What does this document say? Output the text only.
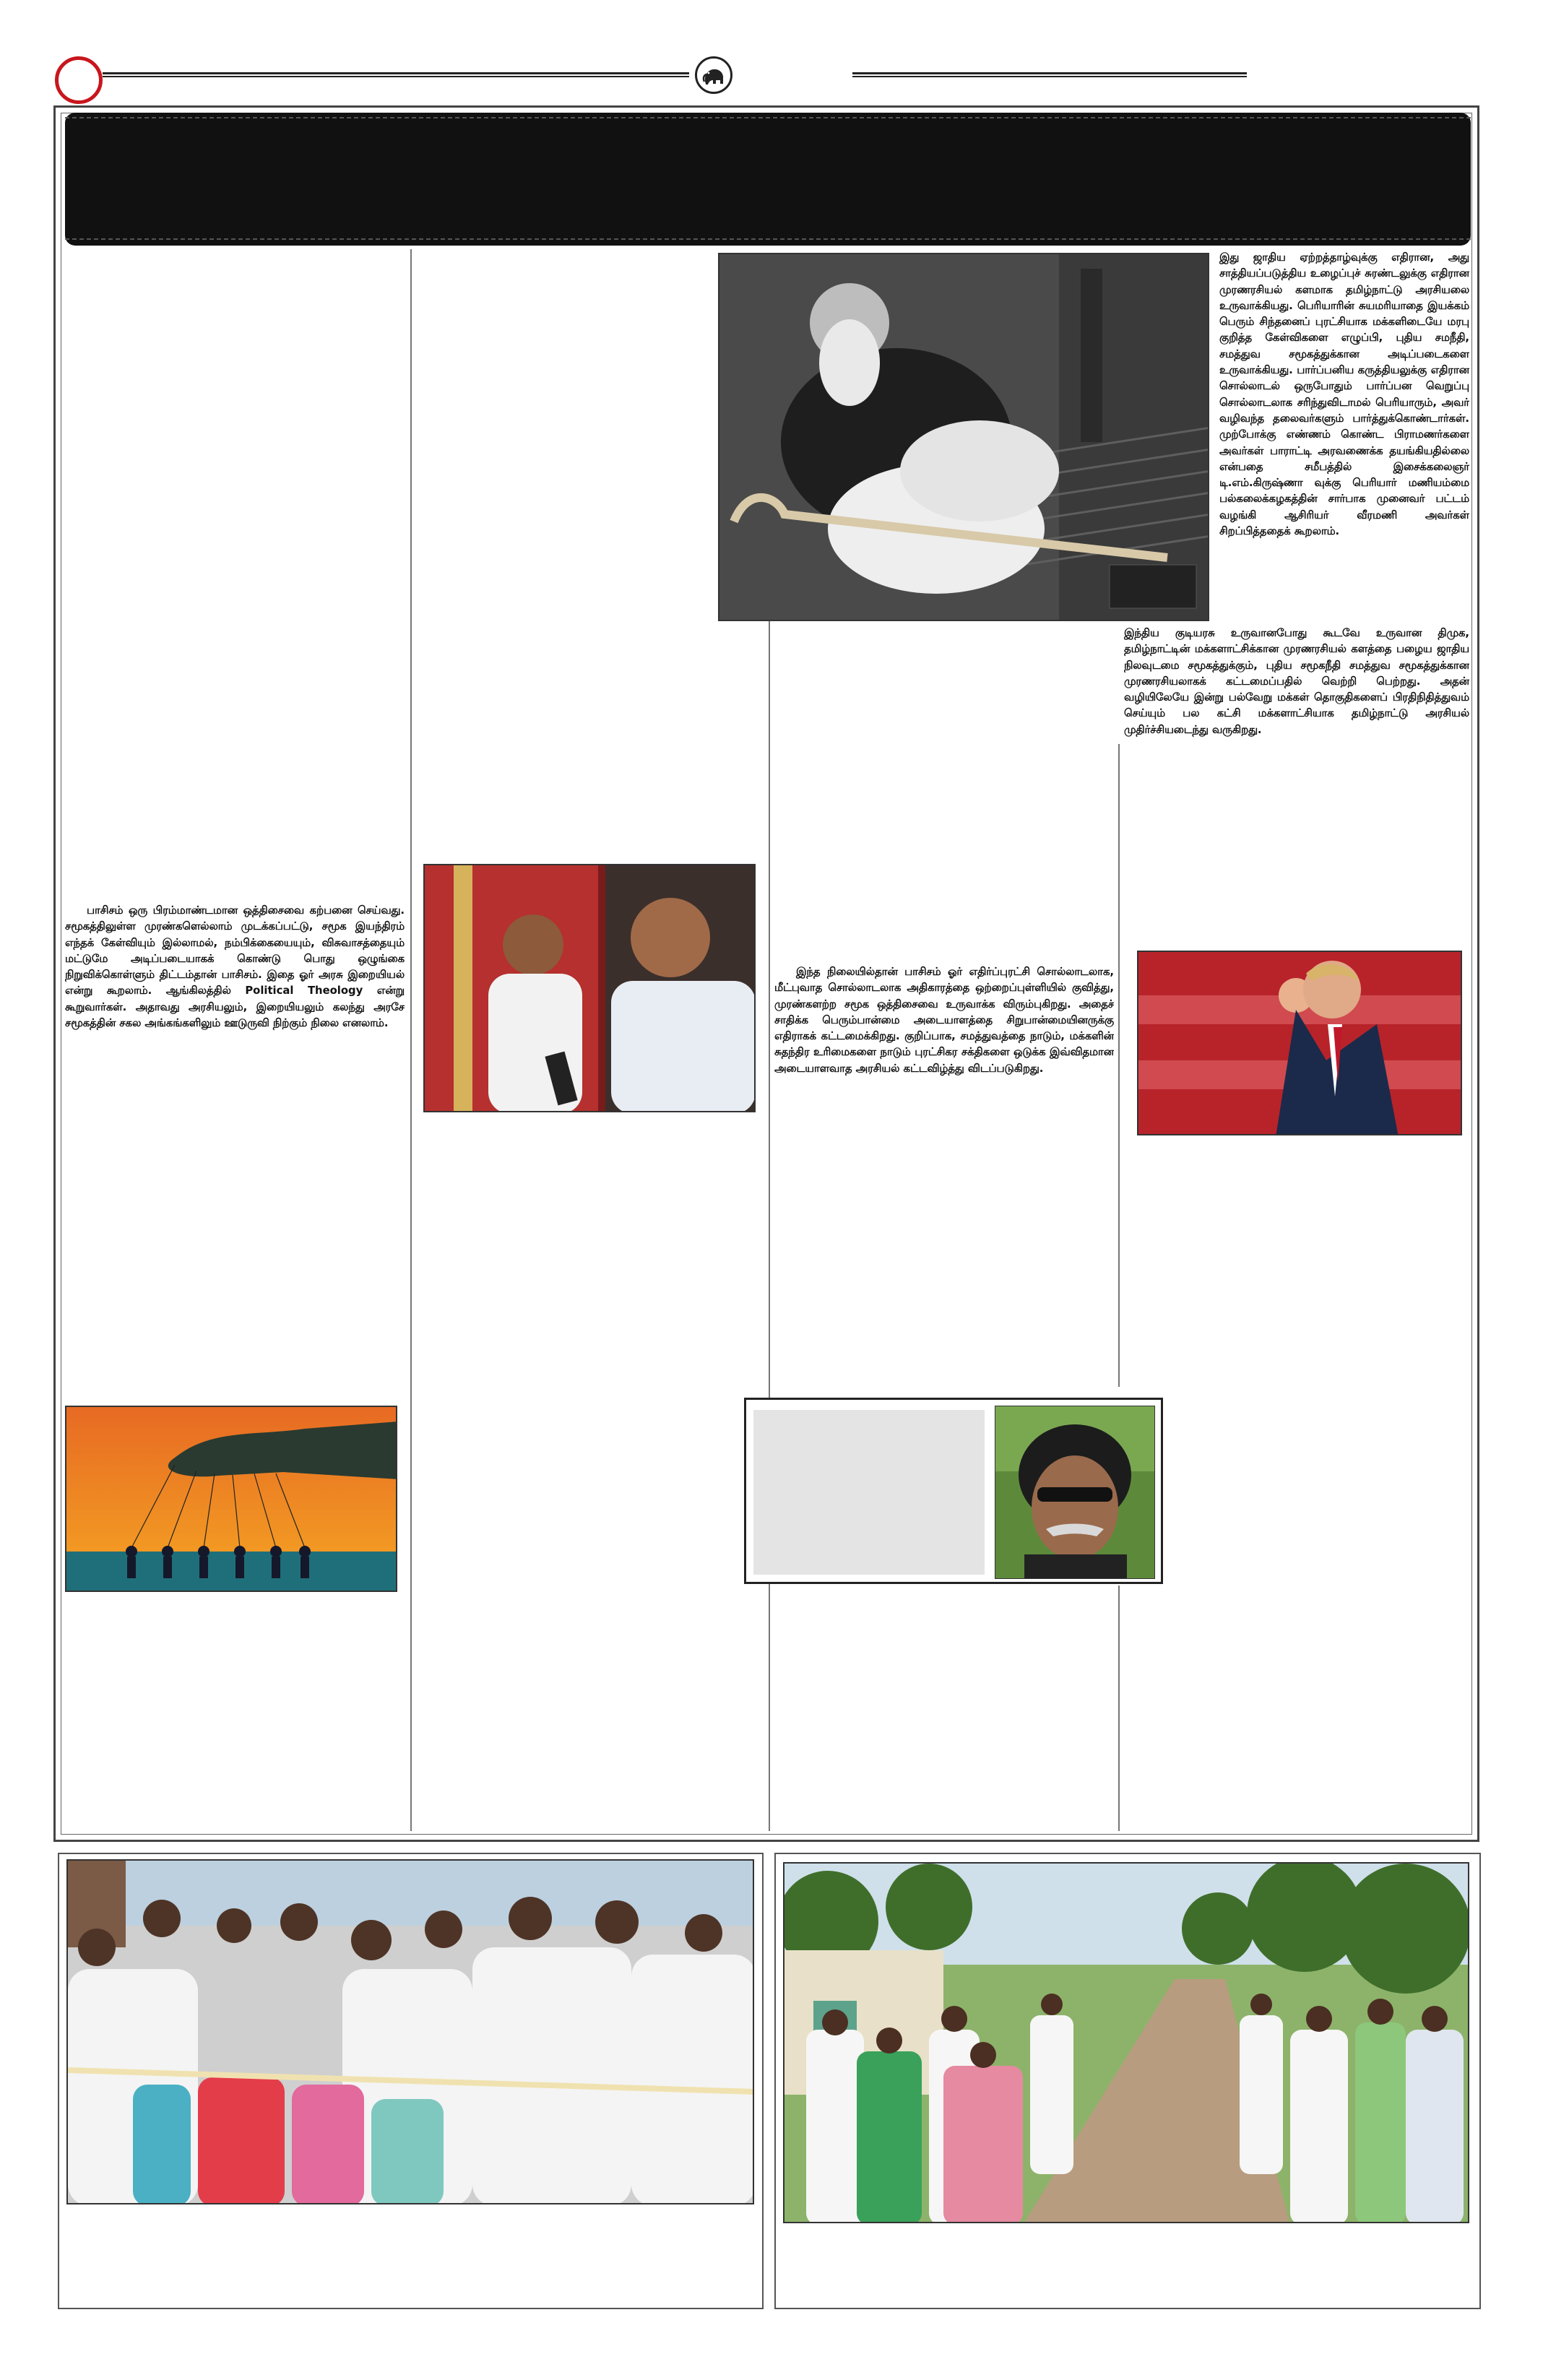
இது ஜாதிய ஏற்றத்தாழ்வுக்கு எதிரான, அது சாத்தியப்படுத்திய உழைப்புச் சுரண்டலுக்கு எதிரான முரணரசியல் களமாக தமிழ்நாட்டு அரசியலை உருவாக்கியது. பெரியாரின் சுயமரியாதை இயக்கம் பெரும் சிந்தனைப் புரட்சியாக மக்களிடையே மரபு குறித்த கேள்விகளை எழுப்பி, புதிய சமநீதி, சமத்துவ சமூகத்துக்கான அடிப்படைகளை உருவாக்கியது. பார்ப்பனிய கருத்தியலுக்கு எதிரான சொல்லாடல் ஒருபோதும் பார்ப்பன வெறுப்பு சொல்லாடலாக சரிந்துவிடாமல் பெரியாரும், அவர் வழிவந்த தலைவர்களும் பார்த்துக்கொண்டார்கள். முற்போக்கு எண்ணம் கொண்ட பிராமணர்களை அவர்கள் பாராட்டி அரவணைக்க தயங்கியதில்லை என்பதை சமீபத்தில் இசைக்கலைஞர் டி.எம்.கிருஷ்ணா வுக்கு பெரியார் மணியம்மை பல்கலைக்கழகத்தின் சார்பாக முனைவர் பட்டம் வழங்கி ஆசிரியர் வீரமணி அவர்கள் சிறப்பித்ததைக் கூறலாம்.
இந்திய குடியரசு உருவானபோது கூடவே உருவான திமுக, தமிழ்நாட்டின் மக்களாட்சிக்கான முரணரசியல் களத்தை பழைய ஜாதிய நிலவுடமை சமூகத்துக்கும், புதிய சமூகநீதி சமத்துவ சமூகத்துக்கான முரணரசியலாகக் கட்டமைப்பதில் வெற்றி பெற்றது. அதன் வழியிலேயே இன்று பல்வேறு மக்கள் தொகுதிகளைப் பிரதிநிதித்துவம் செய்யும் பல கட்சி மக்களாட்சியாக தமிழ்நாட்டு அரசியல் முதிர்ச்சியடைந்து வருகிறது.
பாசிசம் ஒரு பிரம்மாண்டமான ஒத்திசைவை கற்பனை செய்வது. சமூகத்திலுள்ள முரண்களெல்லாம் முடக்கப்பட்டு, சமூக இயந்திரம் எந்தக் கேள்வியும் இல்லாமல், நம்பிக்கையையும், விசுவாசத்தையும் மட்டுமே அடிப்படையாகக் கொண்டு பொது ஒழுங்கை நிறுவிக்கொள்ளும் திட்டம்தான் பாசிசம். இதை ஓர் அரசு இறையியல் என்று கூறலாம். ஆங்கிலத்தில் Political Theology என்று கூறுவார்கள். அதாவது அரசியலும், இறையியலும் கலந்து அரசே சமூகத்தின் சகல அங்கங்களிலும் ஊடுருவி நிற்கும் நிலை எனலாம்.
இந்த நிலையில்தான் பாசிசம் ஓர் எதிர்ப்புரட்சி சொல்லாடலாக, மீட்புவாத சொல்லாடலாக அதிகாரத்தை ஒற்றைப்புள்ளியில் குவித்து, முரண்களற்ற சமூக ஒத்திசைவை உருவாக்க விரும்புகிறது. அதைச் சாதிக்க பெரும்பான்மை அடையாளத்தை சிறுபான்மையினருக்கு எதிராகக் கட்டமைக்கிறது. குறிப்பாக, சமத்துவத்தை நாடும், மக்களின் சுதந்திர உரிமைகளை நாடும் புரட்சிகர சக்திகளை ஒடுக்க இவ்விதமான அடையாளவாத அரசியல் கட்டவிழ்த்து விடப்படுகிறது.
